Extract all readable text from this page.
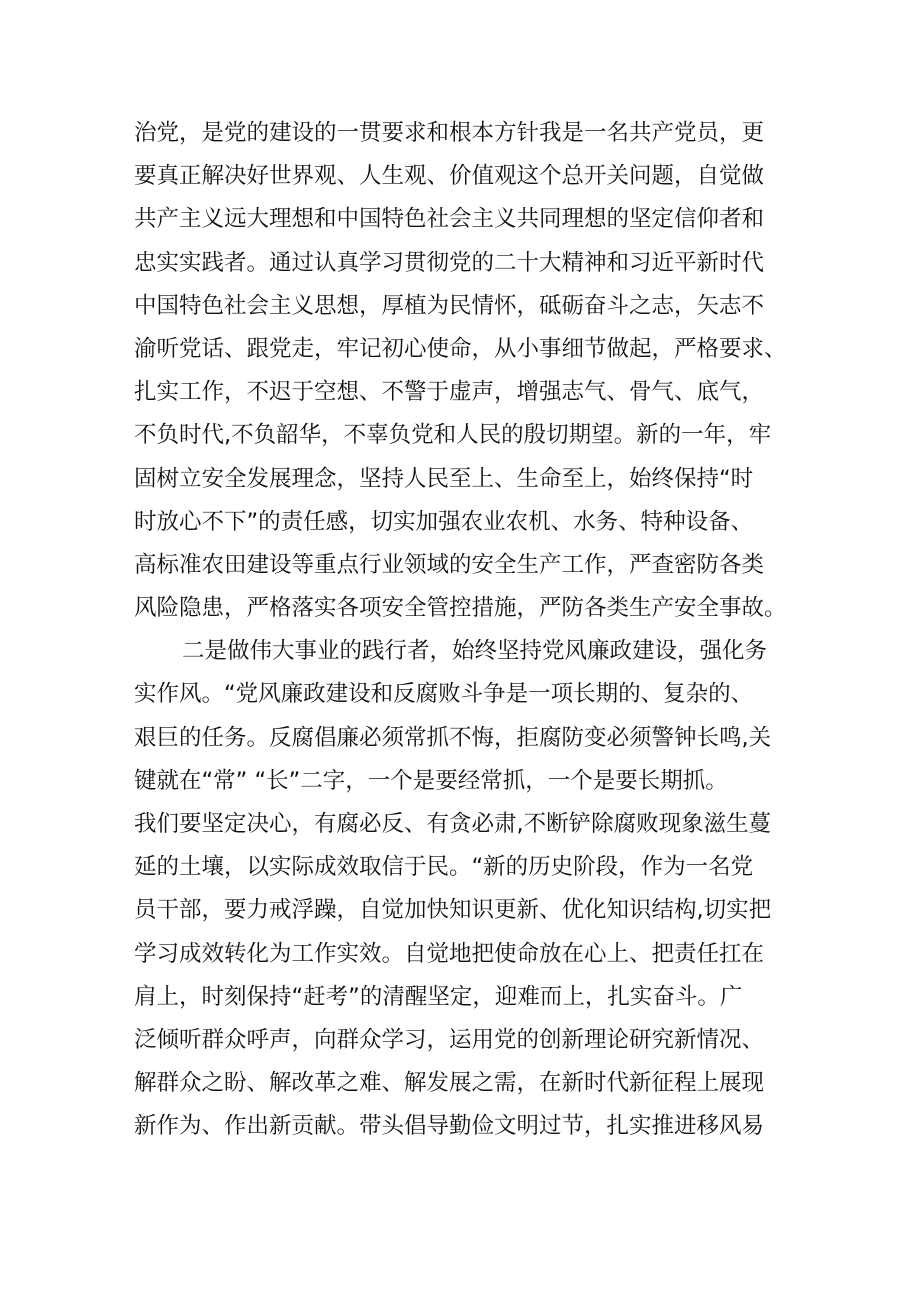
治党，是党的建设的一贯要求和根本方针我是一名共产党员，更
要真正解决好世界观、人生观、价值观这个总开关问题，自觉做
共产主义远大理想和中国特色社会主义共同理想的坚定信仰者和
忠实实践者。通过认真学习贯彻党的二十大精神和习近平新时代
中国特色社会主义思想，厚植为民情怀，砥砺奋斗之志，矢志不
渝听党话、跟党走，牢记初心使命，从小事细节做起，严格要求、
扎实工作，不迟于空想、不警于虚声，增强志气、骨气、底气，
不负时代,不负韶华，不辜负党和人民的殷切期望。新的一年，牢
固树立安全发展理念，坚持人民至上、生命至上，始终保持“时
时放心不下”的责任感，切实加强农业农机、水务、特种设备、
高标准农田建设等重点行业领域的安全生产工作，严查密防各类
风险隐患，严格落实各项安全管控措施，严防各类生产安全事故。
二是做伟大事业的践行者，始终坚持党风廉政建设，强化务
实作风。“党风廉政建设和反腐败斗争是一项长期的、复杂的、
艰巨的任务。反腐倡廉必须常抓不悔，拒腐防变必须警钟长鸣,关
键就在“常” “长”二字，一个是要经常抓，一个是要长期抓。
我们要坚定决心，有腐必反、有贪必肃,不断铲除腐败现象滋生蔓
延的土壤，以实际成效取信于民。“新的历史阶段，作为一名党
员干部，要力戒浮躁，自觉加快知识更新、优化知识结构,切实把
学习成效转化为工作实效。自觉地把使命放在心上、把责任扛在
肩上，时刻保持“赶考”的清醒坚定，迎难而上，扎实奋斗。广
泛倾听群众呼声，向群众学习，运用党的创新理论研究新情况、
解群众之盼、解改革之难、解发展之需，在新时代新征程上展现
新作为、作出新贡献。带头倡导勤俭文明过节，扎实推进移风易
